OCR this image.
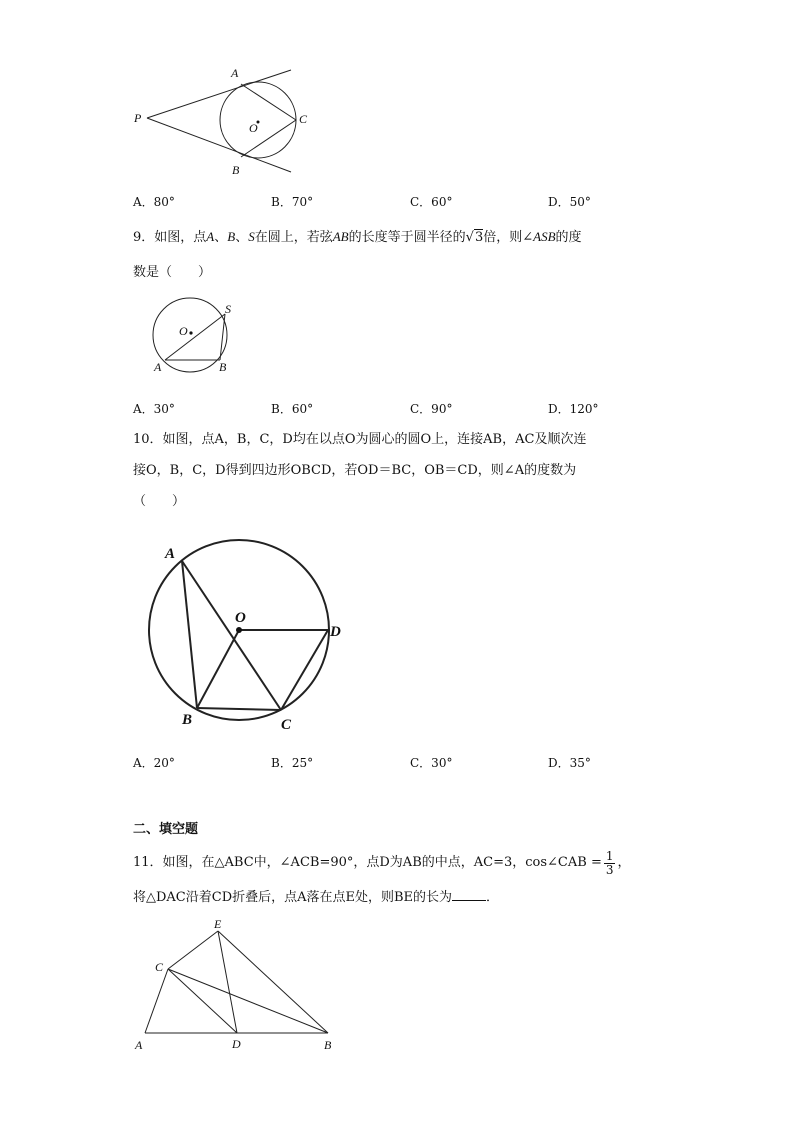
A
P
O
C
B
A．80°	B．70°	C．60°	D．50°
9．如图，点A、B、S在圆上，若弦AB的长度等于圆半径的√3倍，则∠ASB的度
数是（　　）
O
S
A	B
A．30°	B．60°	C．90°	D．120°
10．如图，点A，B，C，D均在以点O为圆心的圆O上，连接AB，AC及顺次连
接O，B，C，D得到四边形OBCD，若OD＝BC，OB＝CD，则∠A的度数为
（　　）
A
O
D
B	C
A．20°	B．25°	C．30°	D．35°
二、填空题
11．如图，在△ABC中，∠ACB=90°，点D为AB的中点，AC=3，cos∠CAB = $\frac{1}{3}$ ，
将△DAC沿着CD折叠后，点A落在点E处，则BE的长为	．
E
C
A	D	B
